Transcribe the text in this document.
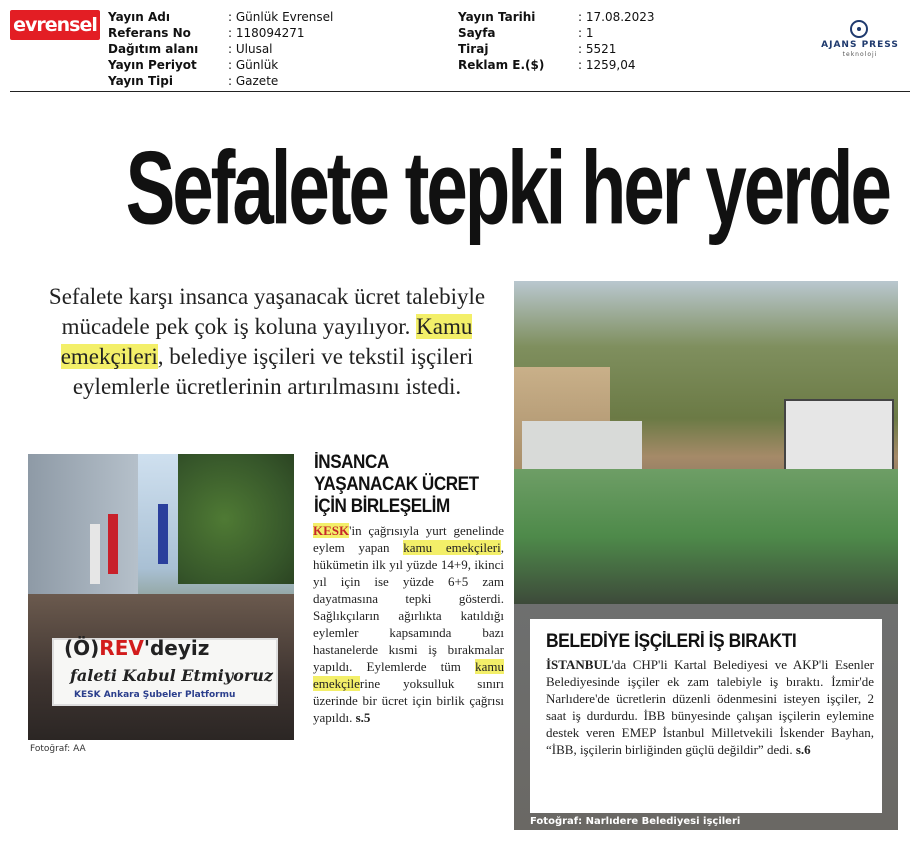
evrensel Yayın Adı
Referans No
Dağıtım alanı
Yayın Periyot
Yayın Tipi
: Günlük Evrensel
: 118094271
: Ulusal
: Günlük
: Gazete
Yayın Tarihi
Sayfa
Tiraj
Reklam E.($)
: 17.08.2023
: 1
: 5521
: 1259,04
AJANS PRESS
teknoloji
Sefalete tepki her yerde
Sefalete karşı insanca yaşanacak ücret talebiyle mücadele pek çok iş koluna yayılıyor. Kamu emekçileri, belediye işçileri ve tekstil işçileri eylemlerle ücretlerinin artırılmasını istedi.
(Ö)REV'deyiz
faleti Kabul Etmiyoruz
KESK Ankara Şubeler Platformu
Fotoğraf: AA
İNSANCA YAŞANACAK ÜCRET İÇİN BİRLEŞELİM
KESK'in çağrısıyla yurt genelinde eylem yapan kamu emekçileri, hükümetin ilk yıl yüzde 14+9, ikinci yıl için ise yüzde 6+5 zam dayatmasına tepki gösterdi. Sağlıkçıların ağırlıkta katıldığı eylemler kapsamında bazı hastanelerde kısmi iş bırakmalar yapıldı. Eylemlerde tüm kamu emekçilerine yoksulluk sınırı üzerinde bir ücret için birlik çağrısı yapıldı. s.5
BELEDİYE İŞÇİLERİ İŞ BIRAKTI
İSTANBUL'da CHP'li Kartal Belediyesi ve AKP'li Esenler Belediyesinde işçiler ek zam talebiyle iş bıraktı. İzmir'de Narlıdere'de ücretlerin düzenli ödenmesini isteyen işçiler, 2 saat iş durdurdu. İBB bünyesinde çalışan işçilerin eylemine destek veren EMEP İstanbul Milletvekili İskender Bayhan, “İBB, işçilerin birliğinden güçlü değildir” dedi. s.6
Fotoğraf: Narlıdere Belediyesi işçileri
